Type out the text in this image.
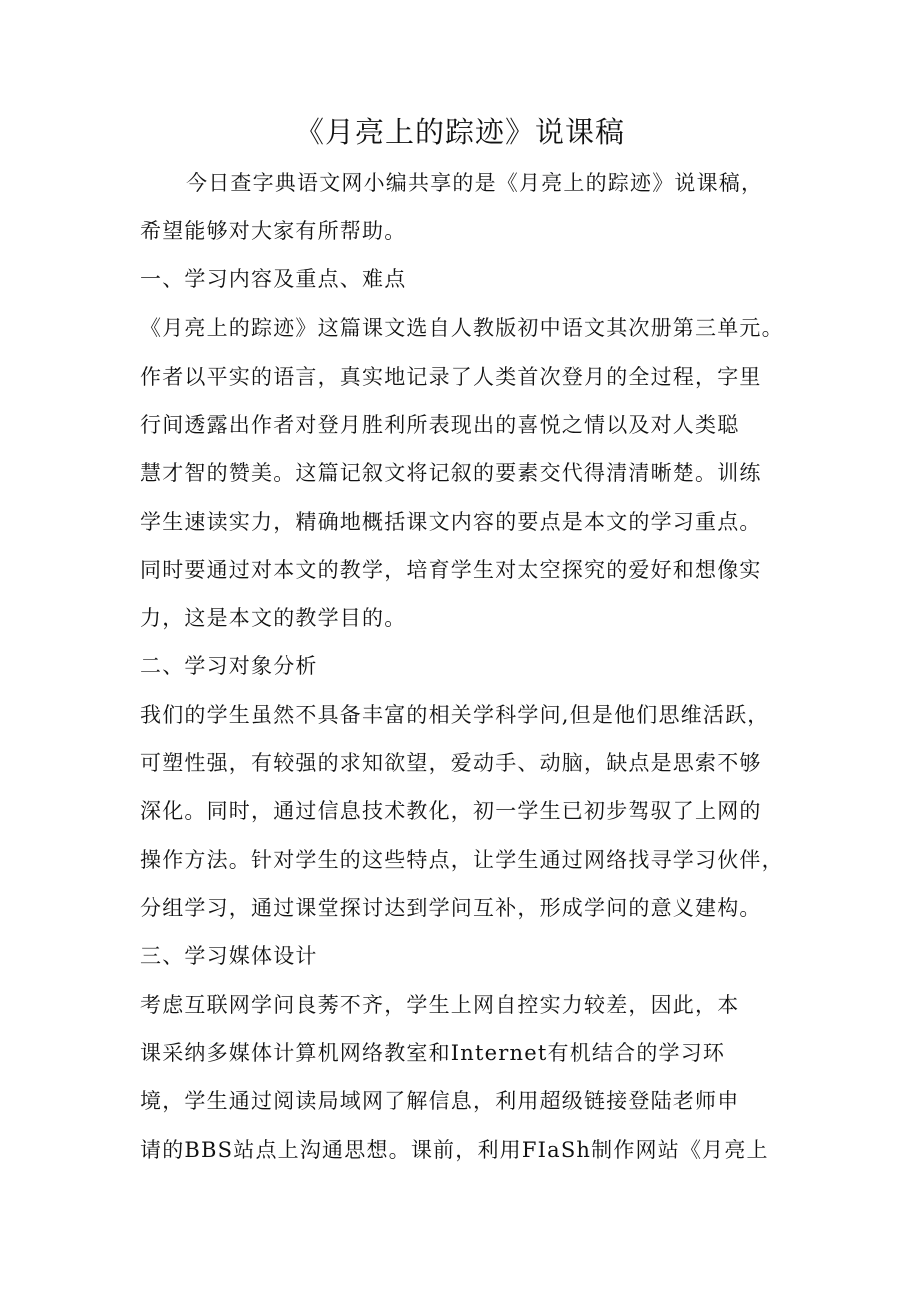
《月亮上的踪迹》说课稿
今日查字典语文网小编共享的是《月亮上的踪迹》说课稿，
希望能够对大家有所帮助。
一、学习内容及重点、难点
《月亮上的踪迹》这篇课文选自人教版初中语文其次册第三单元。
作者以平实的语言，真实地记录了人类首次登月的全过程，字里
行间透露出作者对登月胜利所表现出的喜悦之情以及对人类聪
慧才智的赞美。这篇记叙文将记叙的要素交代得清清晰楚。训练
学生速读实力，精确地概括课文内容的要点是本文的学习重点。
同时要通过对本文的教学，培育学生对太空探究的爱好和想像实
力，这是本文的教学目的。
二、学习对象分析
我们的学生虽然不具备丰富的相关学科学问,但是他们思维活跃，
可塑性强，有较强的求知欲望，爱动手、动脑，缺点是思索不够
深化。同时，通过信息技术教化，初一学生已初步驾驭了上网的
操作方法。针对学生的这些特点，让学生通过网络找寻学习伙伴，
分组学习，通过课堂探讨达到学问互补，形成学问的意义建构。
三、学习媒体设计
考虑互联网学问良莠不齐，学生上网自控实力较差，因此，本
课采纳多媒体计算机网络教室和Internet有机结合的学习环
境，学生通过阅读局域网了解信息，利用超级链接登陆老师申
请的BBS站点上沟通思想。课前，利用FIaSh制作网站《月亮上
